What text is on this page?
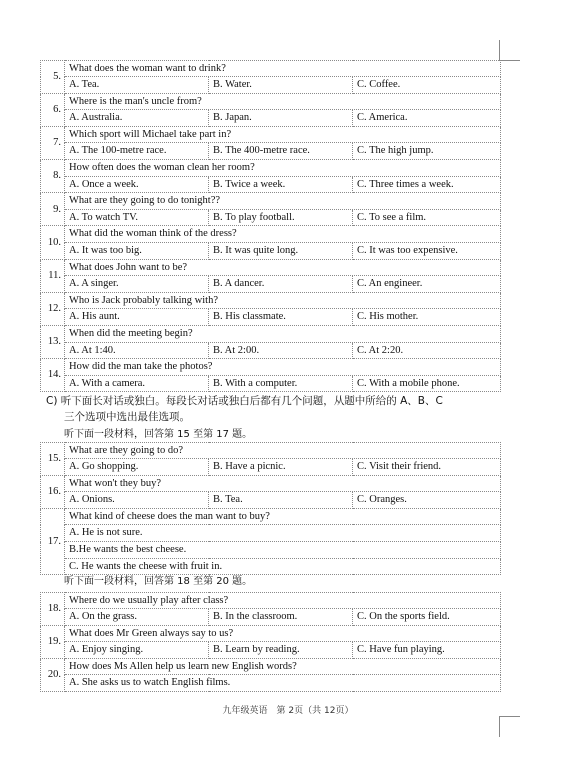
5.	What does the woman want to drink?		
	A. Tea.	B. Water.	C. Coffee.
6.	Where is the man's uncle from?		
	A. Australia.	B. Japan.	C. America.
7.	Which sport will Michael take part in?		
	A. The 100-metre race.	B. The 400-metre race.	C. The high jump.
8.	How often does the woman clean her room?		
	A. Once a week.	B. Twice a week.	C. Three times a week.
9.	What are they going to do tonight??		
	A. To watch TV.	B. To play football.	C. To see a film.
10.	What did the woman think of the dress?		
	A. It was too big.	B. It was quite long.	C. It was too expensive.
11.	What does John want to be?		
	A. A singer.	B. A dancer.	C. An engineer.
12.	Who is Jack probably talking with?		
	A. His aunt.	B. His classmate.	C. His mother.
13.	When did the meeting begin?		
	A. At 1:40.	B. At 2:00.	C. At 2:20.
14.	How did the man take the photos?		
	A. With a camera.	B. With a computer.	C. With a mobile phone.
C) 听下面长对话或独白。每段长对话或独白后都有几个问题，从题中所给的 A、B、C
三个选项中选出最佳选项。
听下面一段材料，回答第 15 至第 17 题。
15.	What are they going to do?		
	A. Go shopping.	B. Have a picnic.	C. Visit their friend.
16.	What won't they buy?		
	A. Onions.	B. Tea.	C. Oranges.
17.	What kind of cheese does the man want to buy?		
	A. He is not sure.		
	B.He wants the best cheese.		
	C. He wants the cheese with fruit in.		
听下面一段材料，回答第 18 至第 20 题。
18.	Where do we usually play after class?		
	A. On the grass.	B. In the classroom.	C. On the sports field.
19.	What does Mr Green always say to us?		
	A. Enjoy singing.	B. Learn by reading.	C. Have fun playing.
20.	How does Ms Allen help us learn new English words?		
	A. She asks us to watch English films.		
九年级英语　第 2页（共 12页）
